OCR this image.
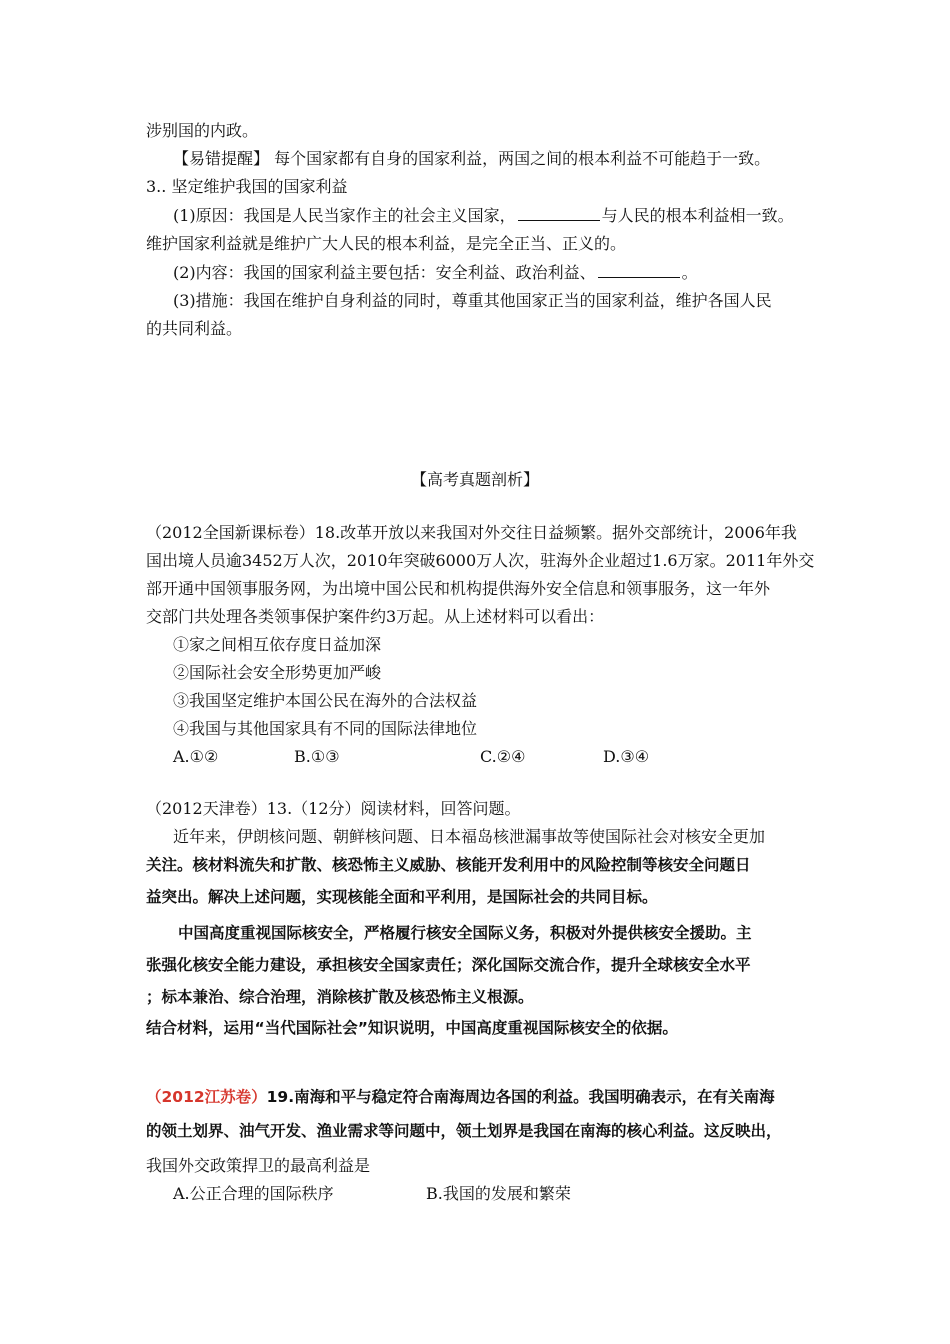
涉别国的内政。
【易错提醒】 每个国家都有自身的国家利益，两国之间的根本利益不可能趋于一致。
3.. 坚定维护我国的国家利益
(1)原因：我国是人民当家作主的社会主义国家，	与人民的根本利益相一致。
维护国家利益就是维护广大人民的根本利益，是完全正当、正义的。
(2)内容：我国的国家利益主要包括：安全利益、政治利益、	。
(3)措施：我国在维护自身利益的同时，尊重其他国家正当的国家利益，维护各国人民
的共同利益。
【高考真题剖析】
（2012全国新课标卷）18.改革开放以来我国对外交往日益频繁。据外交部统计，2006年我
国出境人员逾3452万人次，2010年突破6000万人次，驻海外企业超过1.6万家。2011年外交
部开通中国领事服务网，为出境中国公民和机构提供海外安全信息和领事服务，这一年外
交部门共处理各类领事保护案件约3万起。从上述材料可以看出：
①家之间相互依存度日益加深
②国际社会安全形势更加严峻
③我国坚定维护本国公民在海外的合法权益
④我国与其他国家具有不同的国际法律地位
A.①②	B.①③	C.②④	D.③④
（2012天津卷）13.（12分）阅读材料，回答问题。
近年来，伊朗核问题、朝鲜核问题、日本福岛核泄漏事故等使国际社会对核安全更加
关注。核材料流失和扩散、核恐怖主义威胁、核能开发利用中的风险控制等核安全问题日
益突出。解决上述问题，实现核能全面和平利用，是国际社会的共同目标。
中国高度重视国际核安全，严格履行核安全国际义务，积极对外提供核安全援助。主
张强化核安全能力建设，承担核安全国家责任；深化国际交流合作，提升全球核安全水平
；标本兼治、综合治理，消除核扩散及核恐怖主义根源。
结合材料，运用“当代国际社会”知识说明，中国高度重视国际核安全的依据。
（2012江苏卷）19.南海和平与稳定符合南海周边各国的利益。我国明确表示，在有关南海
的领土划界、油气开发、渔业需求等问题中，领土划界是我国在南海的核心利益。这反映出，
我国外交政策捍卫的最高利益是
A.公正合理的国际秩序	B.我国的发展和繁荣
